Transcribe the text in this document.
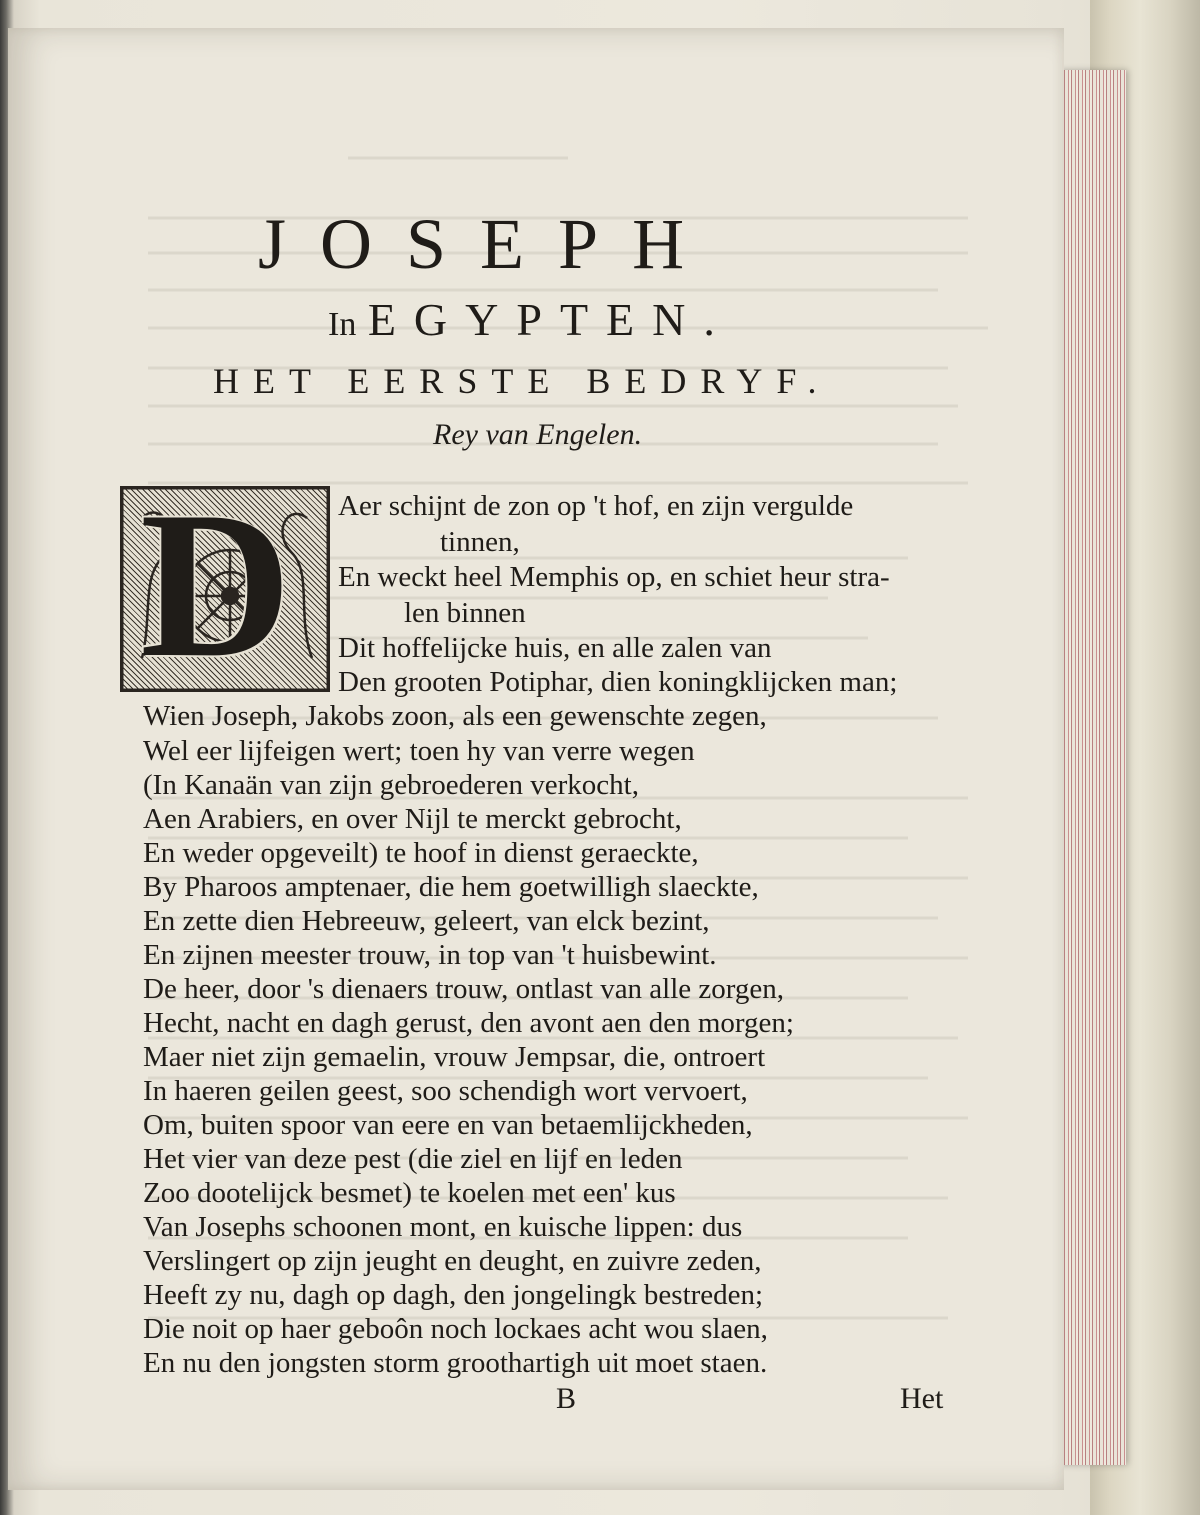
JOSEPH
In EGYPTEN.
HET EERSTE BEDRYF.
Rey van Engelen.
D	Aer schijnt de zon op 't hof, en zijn vergulde
tinnen,
En weckt heel Memphis op, en schiet heur stra-
len binnen
Dit hoffelijcke huis, en alle zalen van
Den grooten Potiphar, dien koningklijcken man;
Wien Joseph, Jakobs zoon, als een gewenschte zegen,
Wel eer lijfeigen wert; toen hy van verre wegen
(In Kanaän van zijn gebroederen verkocht,
Aen Arabiers, en over Nijl te merckt gebrocht,
En weder opgeveilt) te hoof in dienst geraeckte,
By Pharoos amptenaer, die hem goetwilligh slaeckte,
En zette dien Hebreeuw, geleert, van elck bezint,
En zijnen meester trouw, in top van 't huisbewint.
De heer, door 's dienaers trouw, ontlast van alle zorgen,
Hecht, nacht en dagh gerust, den avont aen den morgen;
Maer niet zijn gemaelin, vrouw Jempsar, die, ontroert
In haeren geilen geest, soo schendigh wort vervoert,
Om, buiten spoor van eere en van betaemlijckheden,
Het vier van deze pest (die ziel en lijf en leden
Zoo dootelijck besmet) te koelen met een' kus
Van Josephs schoonen mont, en kuische lippen: dus
Verslingert op zijn jeught en deught, en zuivre zeden,
Heeft zy nu, dagh op dagh, den jongelingk bestreden;
Die noit op haer geboôn noch lockaes acht wou slaen,
En nu den jongsten storm groothartigh uit moet staen.
B	Het
